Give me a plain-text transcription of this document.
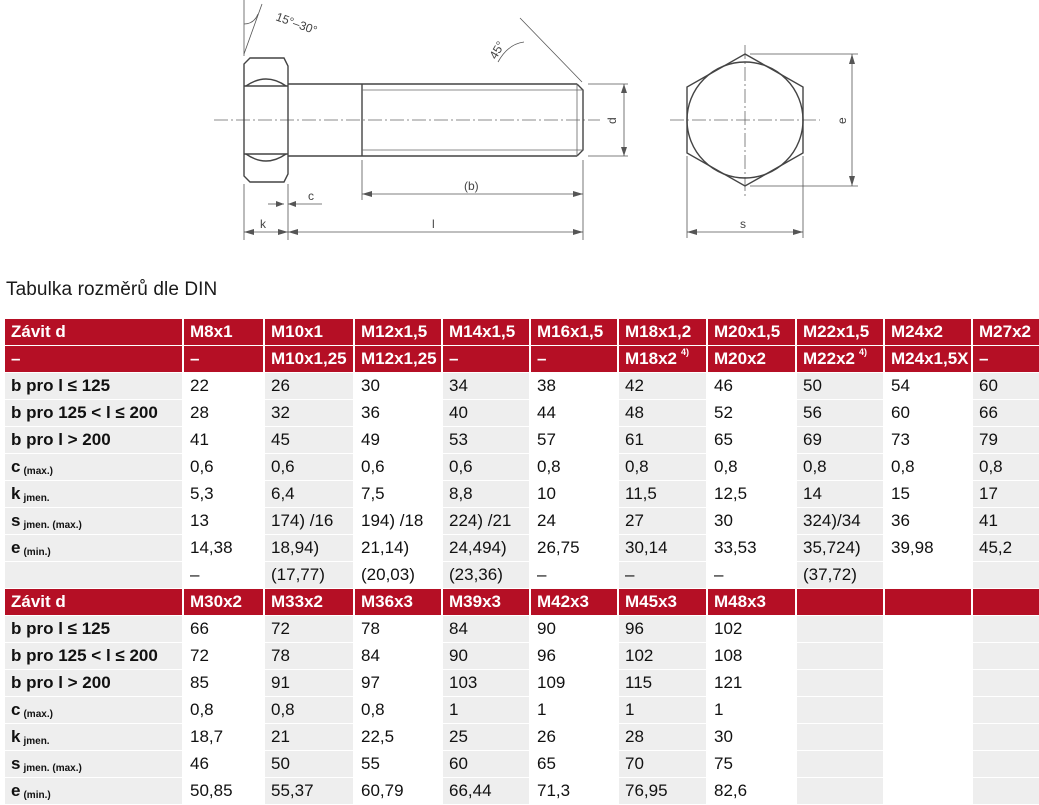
15°–30°
45°
d
(b)
l
k
c
e
s
Tabulka rozměrů dle DIN
Závit d	M8x1	M10x1	M12x1,5	M14x1,5	M16x1,5	M18x1,2	M20x1,5	M22x1,5	M24x2	M27x2
–	–	M10x1,25	M12x1,25	–	–	M18x2 $^{4)}$	M20x2	M22x2 $^{4)}$	M24x1,5X	–
b pro l ≤ 125	22	26	30	34	38	42	46	50	54	60
b pro 125 < l ≤ 200	28	32	36	40	44	48	52	56	60	66
b pro l > 200	41	45	49	53	57	61	65	69	73	79
c $_{(max.)}$	0,6	0,6	0,6	0,6	0,8	0,8	0,8	0,8	0,8	0,8
k $_{jmen.}$	5,3	6,4	7,5	8,8	10	11,5	12,5	14	15	17
s $_{jmen. (max.)}$	13	174) /16	194) /18	224) /21	24	27	30	324)/34	36	41
e $_{(min.)}$	14,38	18,94)	21,14)	24,494)	26,75	30,14	33,53	35,724)	39,98	45,2
	–	(17,77)	(20,03)	(23,36)	–	–	–	(37,72)		
Závit d	M30x2	M33x2	M36x3	M39x3	M42x3	M45x3	M48x3			
b pro l ≤ 125	66	72	78	84	90	96	102			
b pro 125 < l ≤ 200	72	78	84	90	96	102	108			
b pro l > 200	85	91	97	103	109	115	121			
c $_{(max.)}$	0,8	0,8	0,8	1	1	1	1			
k $_{jmen.}$	18,7	21	22,5	25	26	28	30			
s $_{jmen. (max.)}$	46	50	55	60	65	70	75			
e $_{(min.)}$	50,85	55,37	60,79	66,44	71,3	76,95	82,6			
